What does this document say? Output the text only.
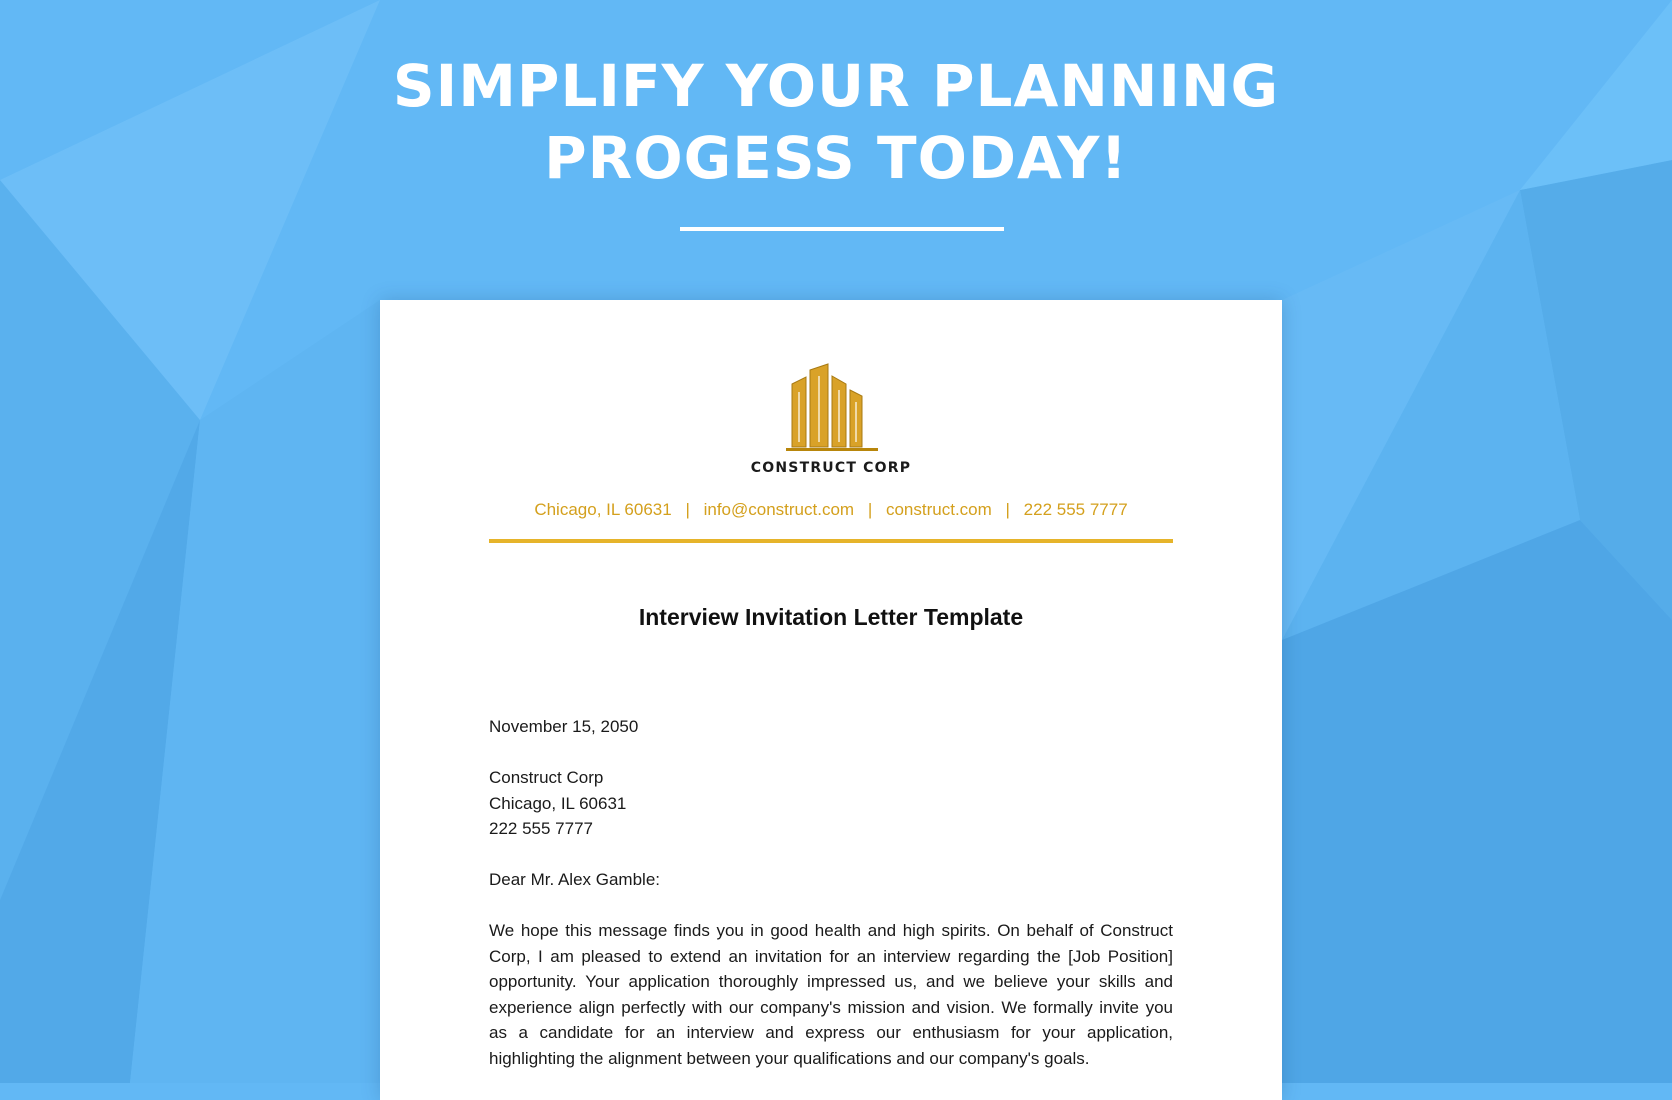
SIMPLIFY YOUR PLANNING
PROGESS TODAY!
CONSTRUCT CORP
Chicago, IL 60631 | info@construct.com | construct.com | 222 555 7777
Interview Invitation Letter Template
November 15, 2050
Construct Corp
Chicago, IL 60631
222 555 7777
Dear Mr. Alex Gamble:
We hope this message finds you in good health and high spirits. On behalf of Construct Corp, I am pleased to extend an invitation for an interview regarding the [Job Position] opportunity. Your application thoroughly impressed us, and we believe your skills and experience align perfectly with our company's mission and vision. We formally invite you as a candidate for an interview and express our enthusiasm for your application, highlighting the alignment between your qualifications and our company's goals.
